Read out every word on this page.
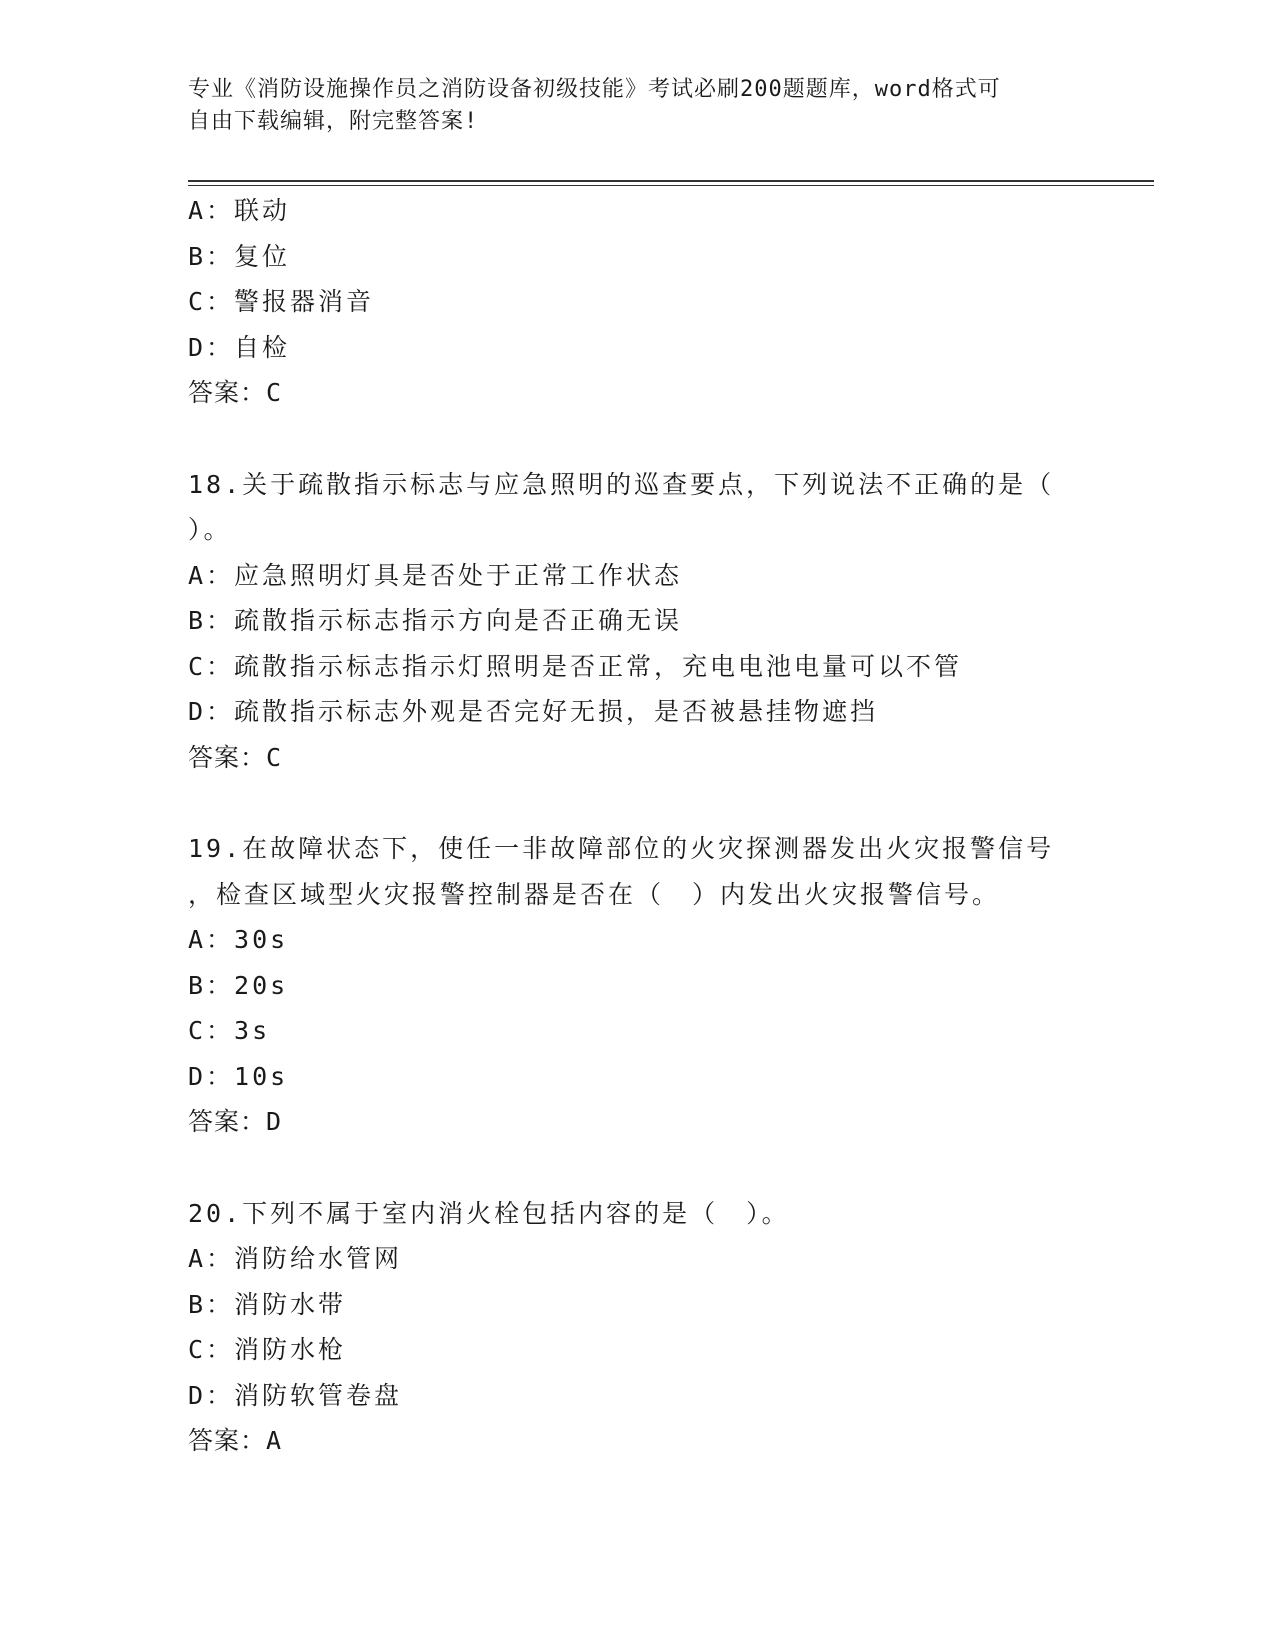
专业《消防设施操作员之消防设备初级技能》考试必刷200题题库，word格式可
自由下载编辑，附完整答案!
A：联动
B：复位
C：警报器消音
D：自检
答案：C
18.关于疏散指示标志与应急照明的巡查要点，下列说法不正确的是（
）。
A：应急照明灯具是否处于正常工作状态
B：疏散指示标志指示方向是否正确无误
C：疏散指示标志指示灯照明是否正常，充电电池电量可以不管
D：疏散指示标志外观是否完好无损，是否被悬挂物遮挡
答案：C
19.在故障状态下，使任一非故障部位的火灾探测器发出火灾报警信号
，检查区域型火灾报警控制器是否在（　）内发出火灾报警信号。
A：30s
B：20s
C：3s
D：10s
答案：D
20.下列不属于室内消火栓包括内容的是（　）。
A：消防给水管网
B：消防水带
C：消防水枪
D：消防软管卷盘
答案：A
